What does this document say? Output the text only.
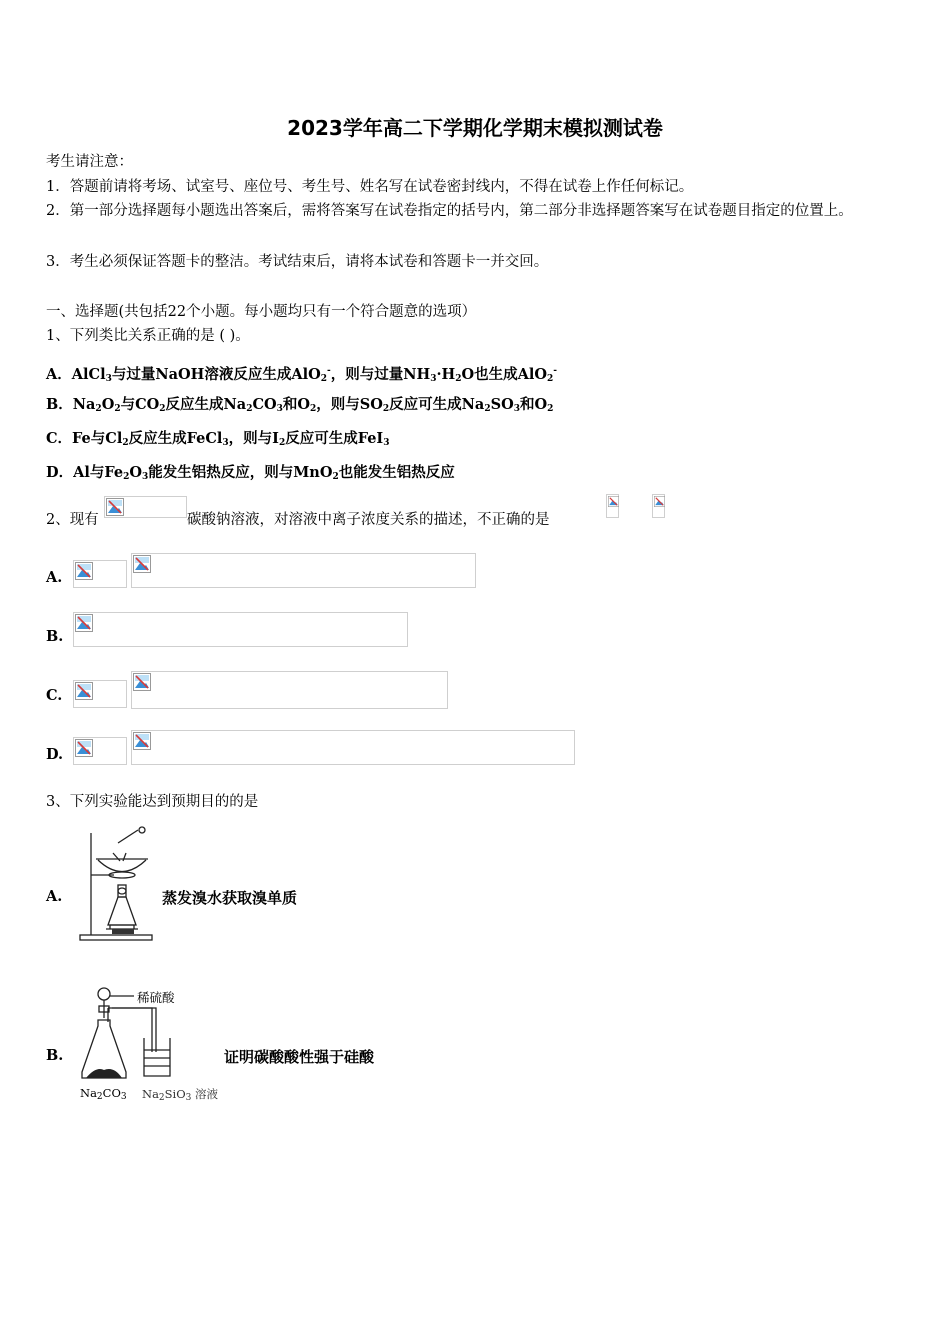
2023学年高二下学期化学期末模拟测试卷
考生请注意：
1．答题前请将考场、试室号、座位号、考生号、姓名写在试卷密封线内，不得在试卷上作任何标记。
2．第一部分选择题每小题选出答案后，需将答案写在试卷指定的括号内，第二部分非选择题答案写在试卷题目指定的位置上。
3．考生必须保证答题卡的整洁。考试结束后，请将本试卷和答题卡一并交回。
一、选择题(共包括22个小题。每小题均只有一个符合题意的选项）
1、下列类比关系正确的是 ( )。
A．AlCl$_3$与过量NaOH溶液反应生成AlO$_2$-，则与过量$NH_3\cdot H_2O$也生成AlO$_2$-
B．$Na_2O_2$与$CO_2$反应生成$Na_2CO_3$和$O_2$，则与$SO_2$反应可生成$Na_2SO_3$和$O_2$
C．Fe与$Cl_2$反应生成FeCl$_3$，则与$I_2$反应可生成FeI$_3$
D．Al与$Fe_2O_3$能发生铝热反应，则与MnO$_2$也能发生铝热反应
2、现有	碳酸钠溶液，对溶液中离子浓度关系的描述，不正确的是
A.
B.
C.
D.
3、下列实验能达到预期目的的是
A.	蒸发溴水获取溴单质
B.
稀硫酸
$Na_2CO_3$ $Na_2SiO_3$ 溶液
证明碳酸酸性强于硅酸
